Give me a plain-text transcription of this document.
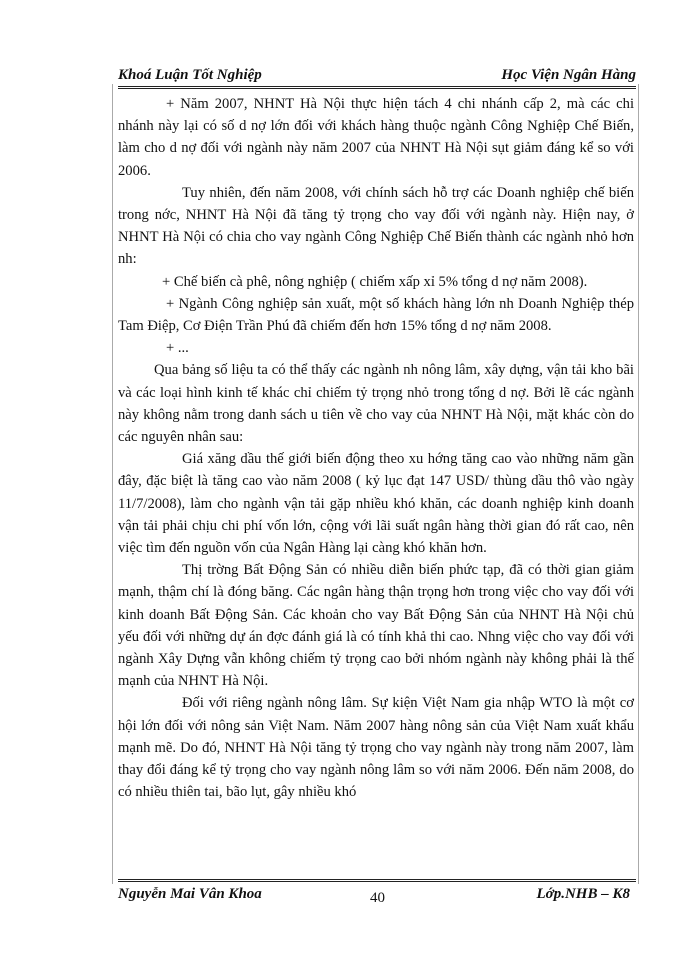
Khoá Luận Tốt Nghiệp	Học Viện Ngân Hàng

+ Năm 2007, NHNT Hà Nội thực hiện tách 4 chi nhánh cấp 2, mà các chi nhánh này lại có số d nợ lớn đối với khách hàng thuộc ngành Công Nghiệp Chế Biến, làm cho d nợ đối với ngành này năm 2007 của NHNT Hà Nội sụt giảm đáng kể so với 2006.

Tuy nhiên, đến năm 2008, với chính sách hỗ trợ các Doanh nghiệp chế biến trong nớc, NHNT Hà Nội đã tăng tỷ trọng cho vay đối với ngành này. Hiện nay, ở NHNT Hà Nội có chia cho vay ngành Công Nghiệp Chế Biến thành các ngành nhỏ hơn nh:

+ Chế biến cà phê, nông nghiệp ( chiếm xấp xỉ 5% tổng d nợ năm 2008).

+ Ngành Công nghiệp sản xuất, một số khách hàng lớn nh Doanh Nghiệp thép Tam Điệp, Cơ Điện Trần Phú đã chiếm đến hơn 15% tổng d nợ năm 2008.

+ ...

Qua bảng số liệu ta có thể thấy các ngành nh nông lâm, xây dựng, vận tải kho bãi và các loại hình kinh tế khác chỉ chiếm tỷ trọng nhỏ trong tổng d nợ. Bởi lẽ các ngành này không nằm trong danh sách u tiên về cho vay của NHNT Hà Nội, mặt khác còn do các nguyên nhân sau:

Giá xăng dầu thế giới biến động theo xu hớng tăng cao vào những năm gần đây, đặc biệt là tăng cao vào năm 2008 ( kỷ lục đạt 147 USD/ thùng dầu thô vào ngày 11/7/2008), làm cho ngành vận tải gặp nhiều khó khăn, các doanh nghiệp kinh doanh vận tải phải chịu chi phí vốn lớn, cộng với lãi suất ngân hàng thời gian đó rất cao, nên việc tìm đến nguồn vốn của Ngân Hàng lại càng khó khăn hơn.

Thị trờng Bất Động Sản có nhiều diễn biến phức tạp, đã có thời gian giảm mạnh, thậm chí là đóng băng. Các ngân hàng thận trọng hơn trong việc cho vay đối với kinh doanh Bất Động Sản. Các khoản cho vay Bất Động Sản của NHNT Hà Nội chủ yếu đối với những dự án đợc đánh giá là có tính khả thi cao. Nhng việc cho vay đối với ngành Xây Dựng vẫn không chiếm tỷ trọng cao bởi nhóm ngành này không phải là thế mạnh của NHNT Hà Nội.

Đối với riêng ngành nông lâm. Sự kiện Việt Nam gia nhập WTO là một cơ hội lớn đối với nông sản Việt Nam. Năm 2007 hàng nông sản của Việt Nam xuất khẩu mạnh mẽ. Do đó, NHNT Hà Nội tăng tỷ trọng cho vay ngành này trong năm 2007, làm thay đổi đáng kể tỷ trọng cho vay ngành nông lâm so với năm 2006. Đến năm 2008, do có nhiều thiên tai, bão lụt, gây nhiều khó

Nguyễn Mai Vân Khoa	40	Lớp.NHB – K8
